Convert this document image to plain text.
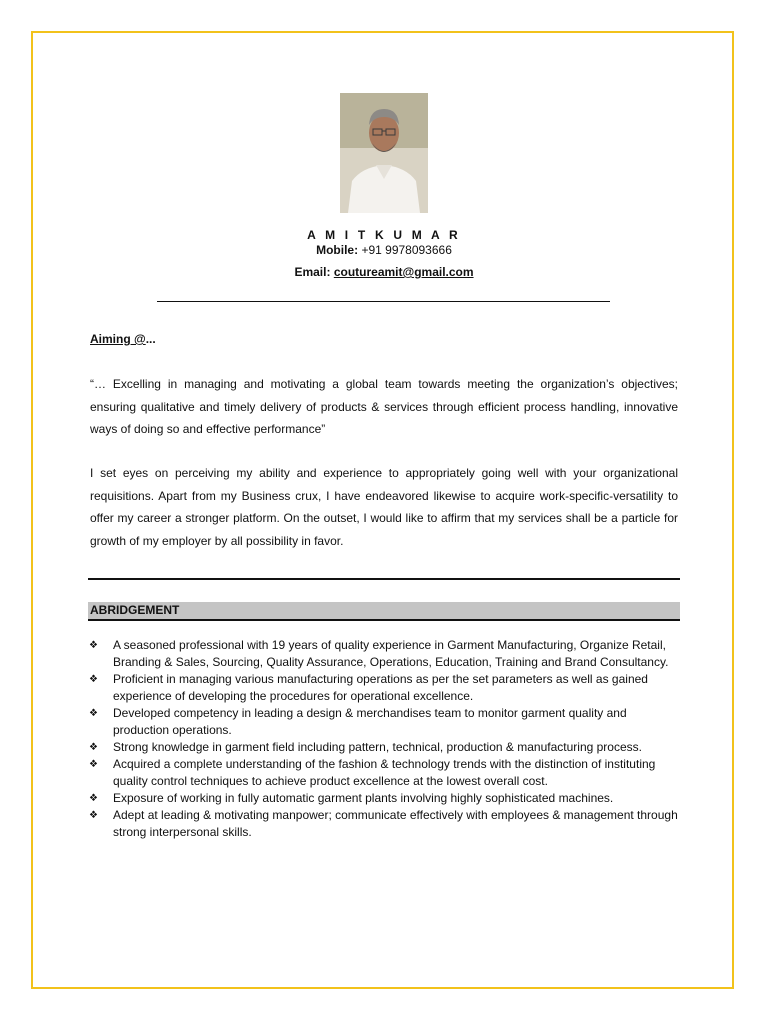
A M I T K U M A R
Mobile: +91 9978093666
Email: coutureamit@gmail.com
Aiming @...

“… Excelling in managing and motivating a global team towards meeting the organization’s objectives; ensuring qualitative and timely delivery of products & services through efficient process handling, innovative ways of doing so and effective performance”

I set eyes on perceiving my ability and experience to appropriately going well with your organizational requisitions. Apart from my Business crux, I have endeavored likewise to acquire work-specific-versatility to offer my career a stronger platform. On the outset, I would like to affirm that my services shall be a particle for growth of my employer by all possibility in favor.

ABRIDGEMENT
❖ A seasoned professional with 19 years of quality experience in Garment Manufacturing, Organize Retail, Branding & Sales, Sourcing, Quality Assurance, Operations, Education, Training and Brand Consultancy.
❖ Proficient in managing various manufacturing operations as per the set parameters as well as gained experience of developing the procedures for operational excellence.
❖ Developed competency in leading a design & merchandises team to monitor garment quality and production operations.
❖ Strong knowledge in garment field including pattern, technical, production & manufacturing process.
❖ Acquired a complete understanding of the fashion & technology trends with the distinction of instituting quality control techniques to achieve product excellence at the lowest overall cost.
❖ Exposure of working in fully automatic garment plants involving highly sophisticated machines.
❖ Adept at leading & motivating manpower; communicate effectively with employees & management through strong interpersonal skills.
